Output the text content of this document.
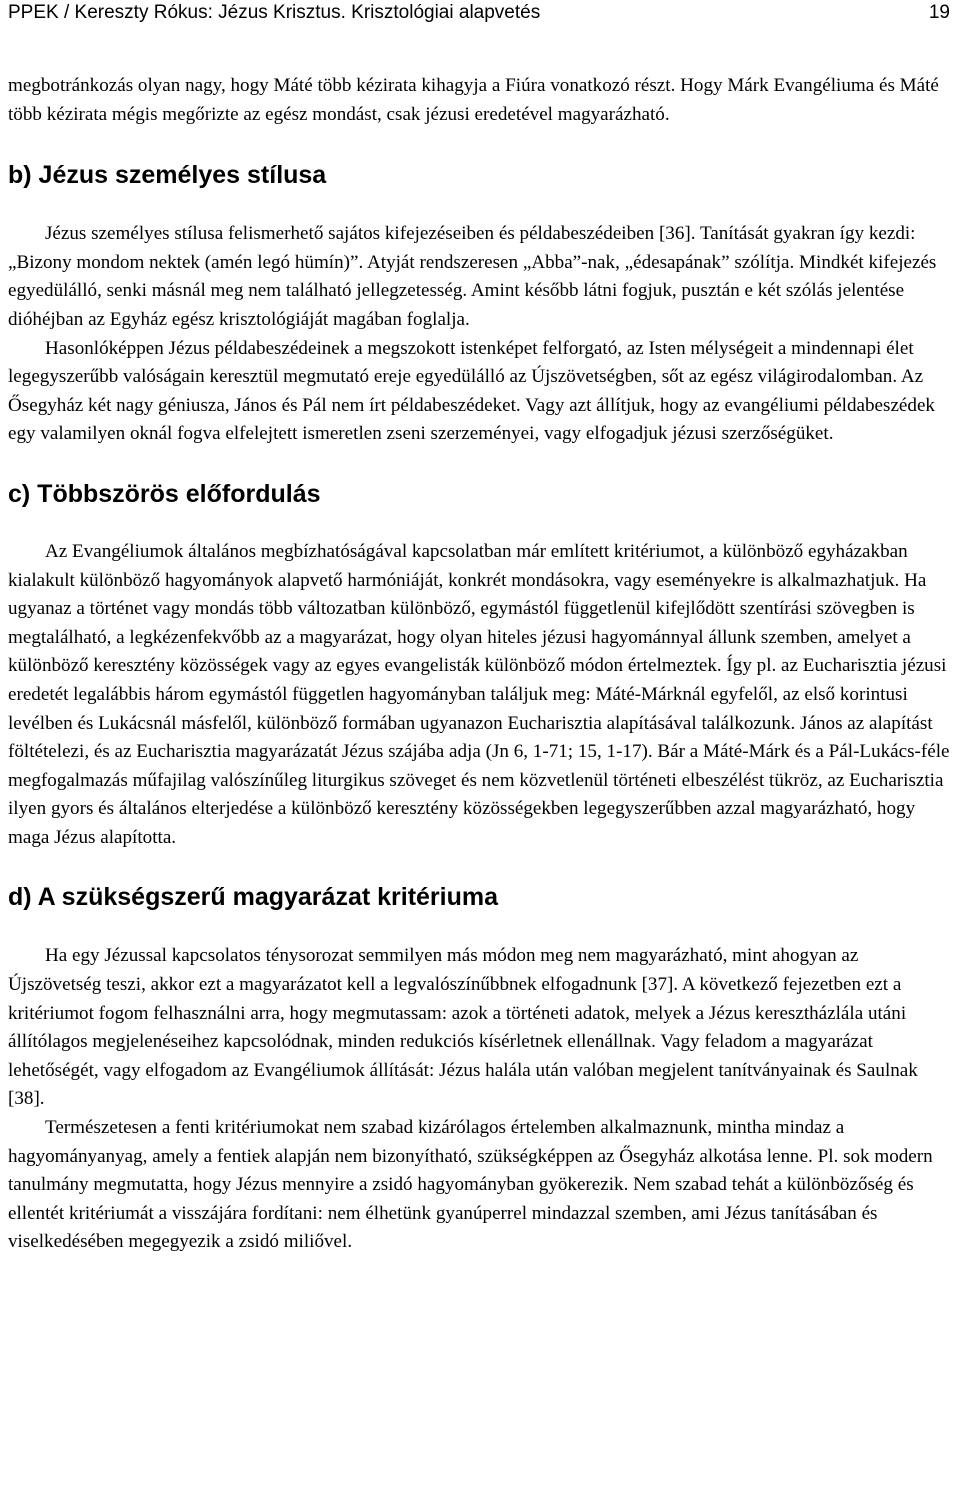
PPEK / Kereszty Rókus: Jézus Krisztus. Krisztológiai alapvetés	19

megbotránkozás olyan nagy, hogy Máté több kézirata kihagyja a Fiúra vonatkozó részt. Hogy Márk Evangéliuma és Máté több kézirata mégis megőrizte az egész mondást, csak jézusi eredetével magyarázható.

b) Jézus személyes stílusa

Jézus személyes stílusa felismerhető sajátos kifejezéseiben és példabeszédeiben [36]. Tanítását gyakran így kezdi: „Bizony mondom nektek (amén legó hümín)”. Atyját rendszeresen „Abba”-nak, „édesapának” szólítja. Mindkét kifejezés egyedülálló, senki másnál meg nem található jellegzetesség. Amint később látni fogjuk, pusztán e két szólás jelentése dióhéjban az Egyház egész krisztológiáját magában foglalja.

Hasonlóképpen Jézus példabeszédeinek a megszokott istenképet felforgató, az Isten mélységeit a mindennapi élet legegyszerűbb valóságain keresztül megmutató ereje egyedülálló az Újszövetségben, sőt az egész világirodalomban. Az Ősegyház két nagy géniusza, János és Pál nem írt példabeszédeket. Vagy azt állítjuk, hogy az evangéliumi példabeszédek egy valamilyen oknál fogva elfelejtett ismeretlen zseni szerzeményei, vagy elfogadjuk jézusi szerzőségüket.

c) Többszörös előfordulás

Az Evangéliumok általános megbízhatóságával kapcsolatban már említett kritériumot, a különböző egyházakban kialakult különböző hagyományok alapvető harmóniáját, konkrét mondásokra, vagy eseményekre is alkalmazhatjuk. Ha ugyanaz a történet vagy mondás több változatban különböző, egymástól függetlenül kifejlődött szentírási szövegben is megtalálható, a legkézenfekvőbb az a magyarázat, hogy olyan hiteles jézusi hagyománnyal állunk szemben, amelyet a különböző keresztény közösségek vagy az egyes evangelisták különböző módon értelmeztek. Így pl. az Eucharisztia jézusi eredetét legalábbis három egymástól független hagyományban találjuk meg: Máté-Márknál egyfelől, az első korintusi levélben és Lukácsnál másfelől, különböző formában ugyanazon Eucharisztia alapításával találkozunk. János az alapítást föltételezi, és az Eucharisztia magyarázatát Jézus szájába adja (Jn 6, 1-71; 15, 1-17). Bár a Máté-Márk és a Pál-Lukács-féle megfogalmazás műfajilag valószínűleg liturgikus szöveget és nem közvetlenül történeti elbeszélést tükröz, az Eucharisztia ilyen gyors és általános elterjedése a különböző keresztény közösségekben legegyszerűbben azzal magyarázható, hogy maga Jézus alapította.

d) A szükségszerű magyarázat kritériuma

Ha egy Jézussal kapcsolatos ténysorozat semmilyen más módon meg nem magyarázható, mint ahogyan az Újszövetség teszi, akkor ezt a magyarázatot kell a legvalószínűbbnek elfogadnunk [37]. A következő fejezetben ezt a kritériumot fogom felhasználni arra, hogy megmutassam: azok a történeti adatok, melyek a Jézus keresztházlála utáni állítólagos megjelenéseihez kapcsolódnak, minden redukciós kísérletnek ellenállnak. Vagy feladom a magyarázat lehetőségét, vagy elfogadom az Evangéliumok állítását: Jézus halála után valóban megjelent tanítványainak és Saulnak [38].

Természetesen a fenti kritériumokat nem szabad kizárólagos értelemben alkalmaznunk, mintha mindaz a hagyományanyag, amely a fentiek alapján nem bizonyítható, szükségképpen az Ősegyház alkotása lenne. Pl. sok modern tanulmány megmutatta, hogy Jézus mennyire a zsidó hagyományban gyökerezik. Nem szabad tehát a különbözőség és ellentét kritériumát a visszájára fordítani: nem élhetünk gyanúperrel mindazzal szemben, ami Jézus tanításában és viselkedésében megegyezik a zsidó miliővel.
